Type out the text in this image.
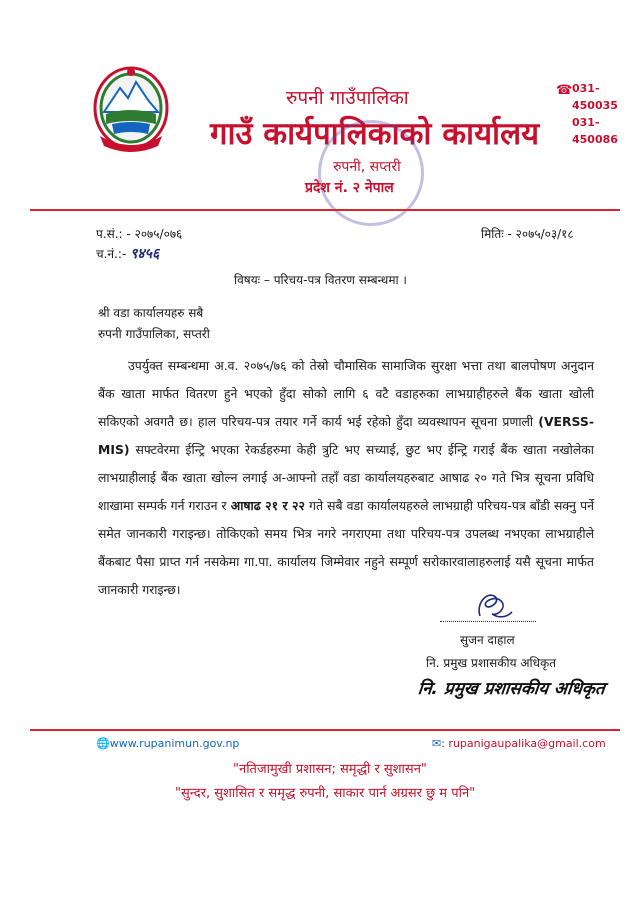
रुपनी गाउँपालिका
गाउँ कार्यपालिकाको कार्यालय
रुपनी, सप्तरी
प्रदेश नं. २ नेपाल
☎ 031-450035
031-450086
प.सं.: - २०७५/०७६
च.नं.:- ९४५६
मितिः - २०७५/०३/१८
विषयः – परिचय-पत्र वितरण सम्बन्धमा ।
श्री वडा कार्यालयहरु सबै
रुपनी गाउँपालिका, सप्तरी

उपर्युक्त सम्बन्धमा अ.व. २०७५/७६ को तेस्रो चौमासिक सामाजिक सुरक्षा भत्ता तथा बालपोषण अनुदान बैंक खाता मार्फत वितरण हुने भएको हुँदा सोको लागि ६ वटै वडाहरुका लाभग्राहीहरुले बैंक खाता खोली सकिएको अवगतै छ। हाल परिचय-पत्र तयार गर्ने कार्य भई रहेको हुँदा व्यवस्थापन सूचना प्रणाली (VERSS-MIS) सफ्टवेरमा ईन्ट्रि भएका रेकर्डहरुमा केही त्रुटि भए सच्याई, छुट भए ईन्ट्रि गराई बैंक खाता नखोलेका लाभग्राहीलाई बैंक खाता खोल्न लगाई अ-आफ्नो तहाँ वडा कार्यालयहरुबाट आषाढ २० गते भित्र सूचना प्रविधि शाखामा सम्पर्क गर्न गराउन र आषाढ २१ र २२ गते सबै वडा कार्यालयहरुले लाभग्राही परिचय-पत्र बाँडी सक्नु पर्ने समेत जानकारी गराइन्छ। तोकिएको समय भित्र नगरे नगराएमा तथा परिचय-पत्र उपलब्ध नभएका लाभग्राहीले बैंकबाट पैसा प्राप्त गर्न नसकेमा गा.पा. कार्यालय जिम्मेवार नहुने सम्पूर्ण सरोकारवालाहरुलाई यसै सूचना मार्फत जानकारी गराइन्छ।

सुजन दाहाल
नि. प्रमुख प्रशासकीय अधिकृत
नि. प्रमुख प्रशासकीय अधिकृत
🌐www.rupanimun.gov.np	✉: rupanigaupalika@gmail.com
"नतिजामुखी प्रशासन; समृद्धी र सुशासन"
"सुन्दर, सुशासित र समृद्ध रुपनी, साकार पार्न अग्रसर छु म पनि"
